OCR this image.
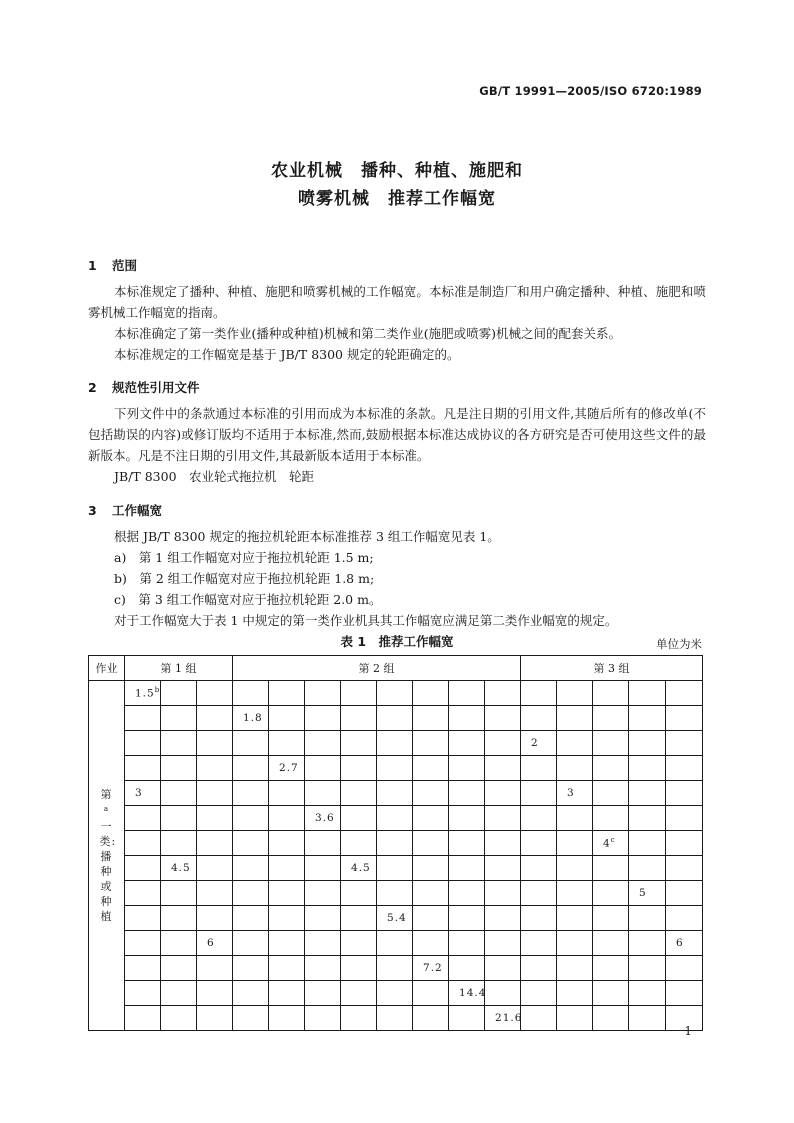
GB/T 19991—2005/ISO 6720:1989
农业机械　播种、种植、施肥和
喷雾机械　推荐工作幅宽
1 范围
本标准规定了播种、种植、施肥和喷雾机械的工作幅宽。本标准是制造厂和用户确定播种、种植、施肥和喷雾机械工作幅宽的指南。
本标准确定了第一类作业(播种或种植)机械和第二类作业(施肥或喷雾)机械之间的配套关系。
本标准规定的工作幅宽是基于 JB/T 8300 规定的轮距确定的。
2 规范性引用文件
下列文件中的条款通过本标准的引用而成为本标准的条款。凡是注日期的引用文件,其随后所有的修改单(不包括勘误的内容)或修订版均不适用于本标准,然而,鼓励根据本标准达成协议的各方研究是否可使用这些文件的最新版本。凡是不注日期的引用文件,其最新版本适用于本标准。
JB/T 8300　农业轮式拖拉机　轮距
3 工作幅宽
根据 JB/T 8300 规定的拖拉机轮距本标准推荐 3 组工作幅宽见表 1。
a)　第 1 组工作幅宽对应于拖拉机轮距 1.5 m;
b)　第 2 组工作幅宽对应于拖拉机轮距 1.8 m;
c)　第 3 组工作幅宽对应于拖拉机轮距 2.0 m。
对于工作幅宽大于表 1 中规定的第一类作业机具其工作幅宽应满足第二类作业幅宽的规定。
表 1　推荐工作幅宽	单位为米
作业	第 1 组			第 2 组								第 3 组				
第$^a$一类:播种或种植	1.5$^b$															
				1.8												
												2				
					2.7											
	3												3			
						3.6										
														4$^c$		
		4.5					4.5									
															5	
								5.4								
			6													6
									7.2							
										14.4						
											21.6					
1
